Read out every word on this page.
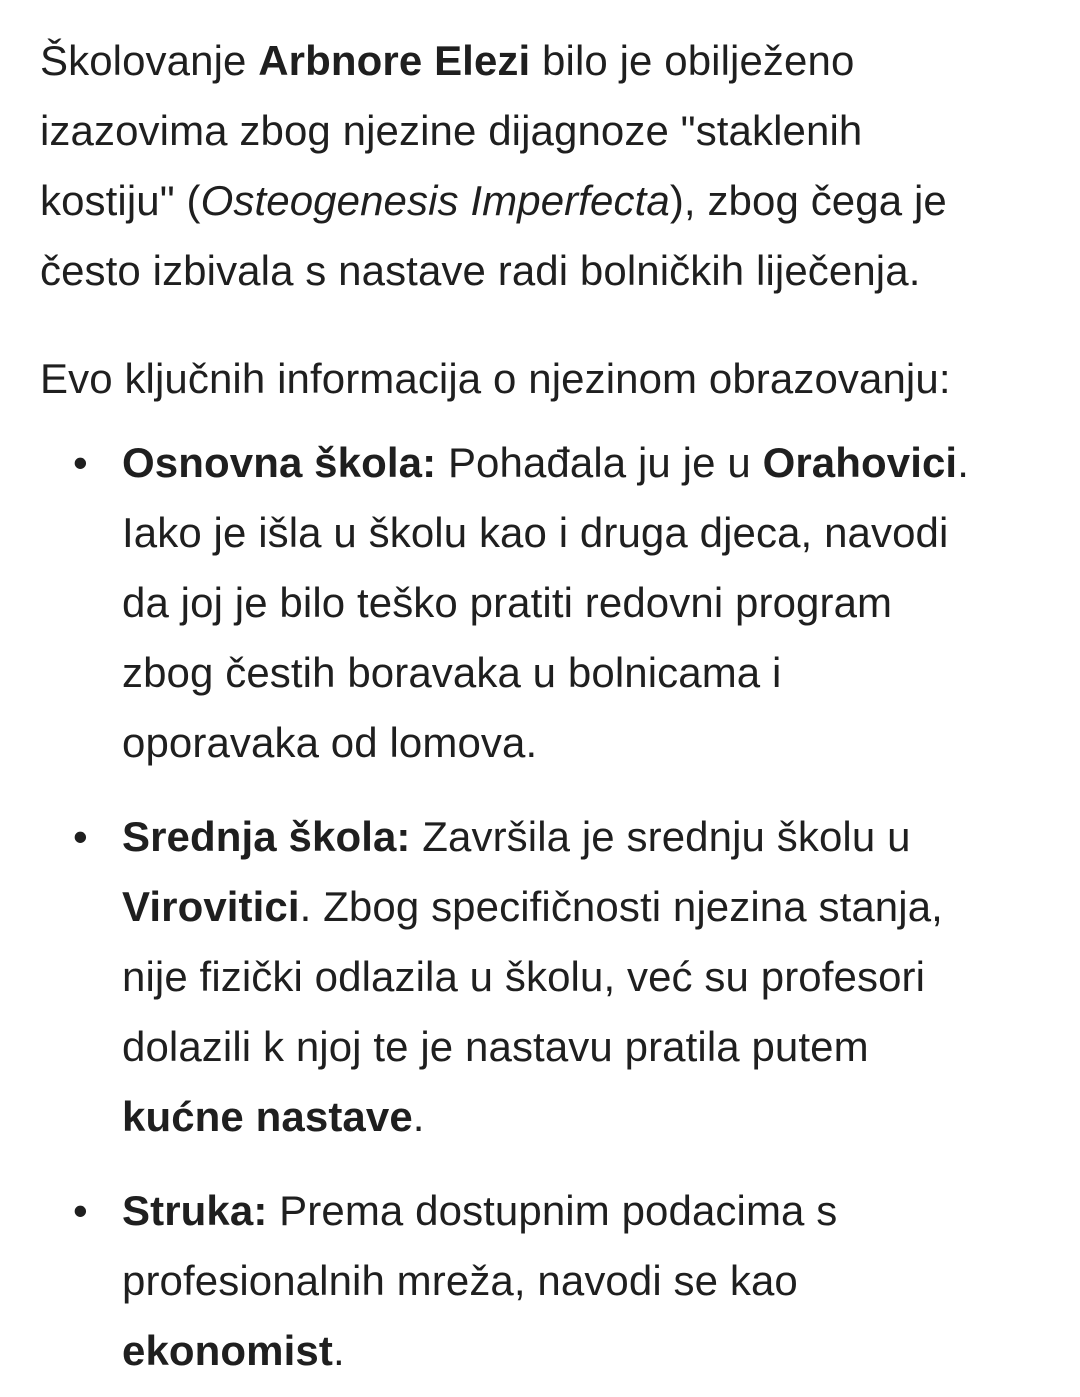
Školovanje Arbnore Elezi bilo je obilježeno
izazovima zbog njezine dijagnoze "staklenih
kostiju" (Osteogenesis Imperfecta), zbog čega je
često izbivala s nastave radi bolničkih liječenja.
Evo ključnih informacija o njezinom obrazovanju:
• Osnovna škola: Pohađala ju je u Orahovici.
Iako je išla u školu kao i druga djeca, navodi
da joj je bilo teško pratiti redovni program
zbog čestih boravaka u bolnicama i
oporavaka od lomova.
• Srednja škola: Završila je srednju školu u
Virovitici. Zbog specifičnosti njezina stanja,
nije fizički odlazila u školu, već su profesori
dolazili k njoj te je nastavu pratila putem
kućne nastave.
• Struka: Prema dostupnim podacima s
profesionalnih mreža, navodi se kao
ekonomist.
